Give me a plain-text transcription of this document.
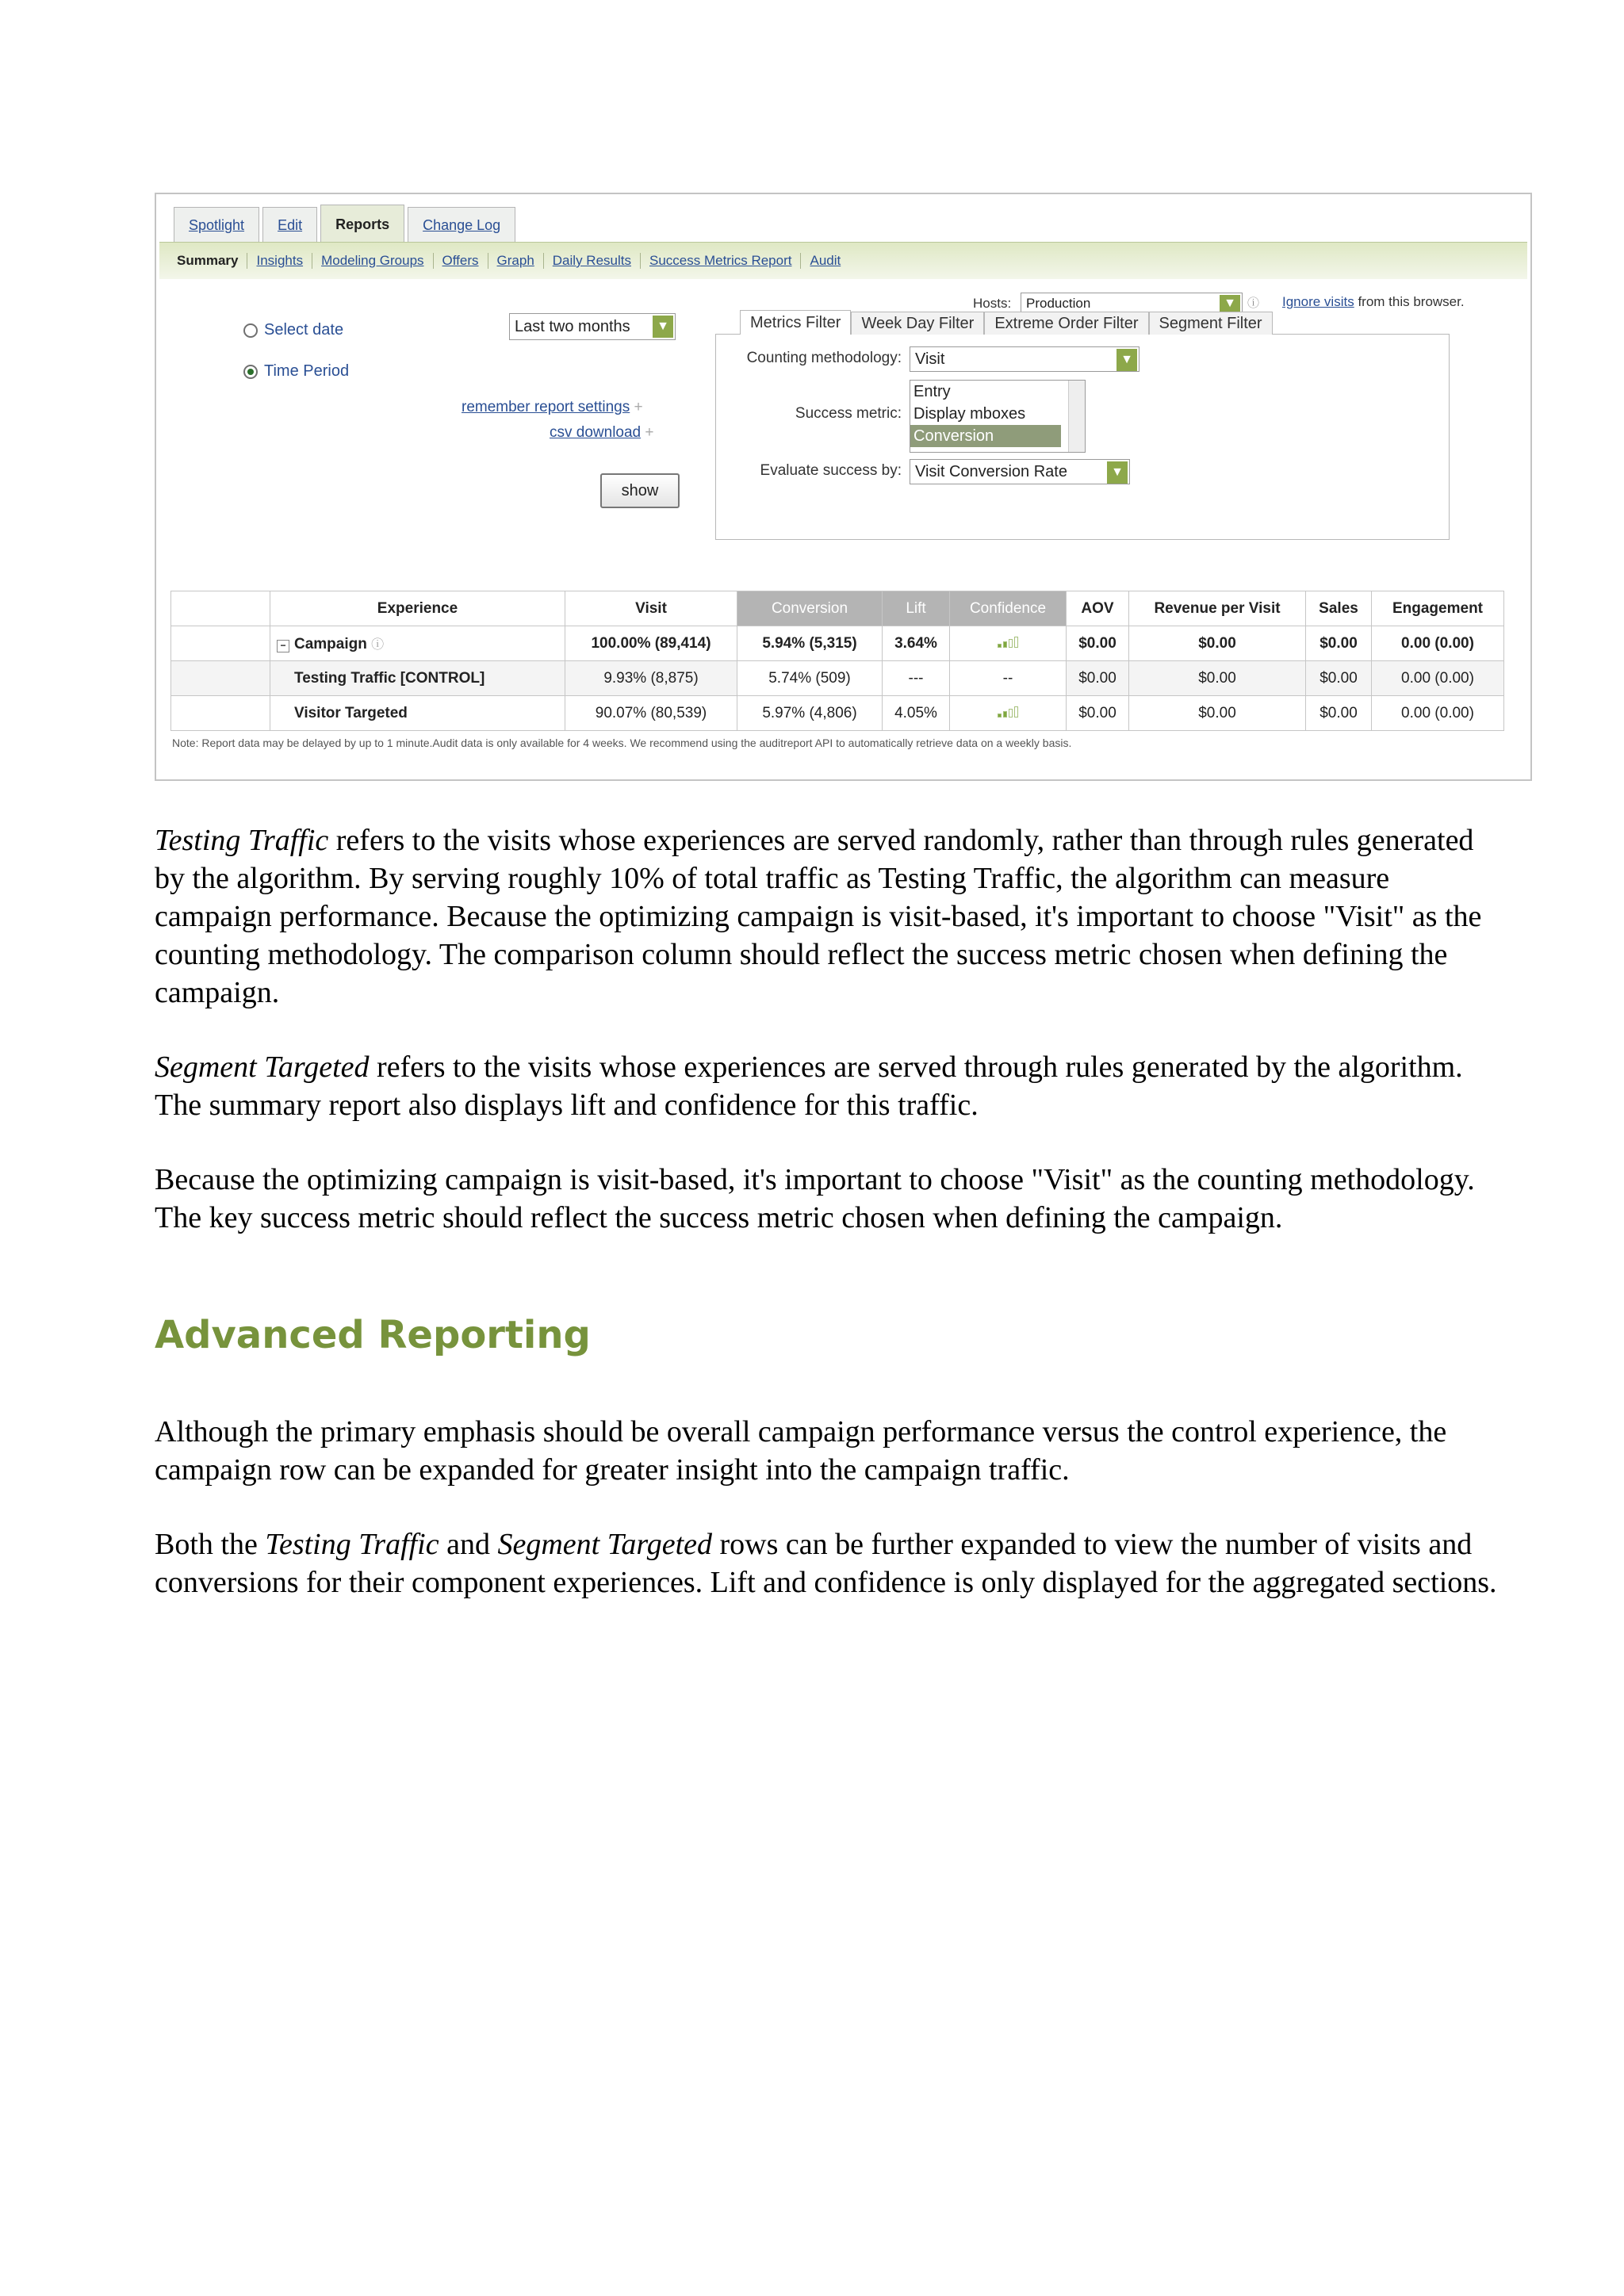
Spotlight Edit Reports Change Log
Summary	Insights	Modeling Groups	Offers	Graph	Daily Results	Success Metrics Report	Audit
Select date
Time Period
Last two months	▼
remember report settings +
csv download +
show
Hosts: Production	▼ ⓘ Ignore visits from this browser.
Metrics Filter	Week Day Filter	Extreme Order Filter	Segment Filter
Counting methodology: Visit	▼
Success metric:
Entry
Display mboxes
Conversion
Evaluate success by: Visit Conversion Rate	▼
	Experience	Visit	Conversion	Lift	Confidence	AOV	Revenue per Visit	Sales	Engagement
	− Campaign ⓘ	100.00% (89,414)	5.94% (5,315)	3.64%		$0.00	$0.00	$0.00	0.00 (0.00)
	Testing Traffic [CONTROL]	9.93% (8,875)	5.74% (509)	---	--	$0.00	$0.00	$0.00	0.00 (0.00)
	Visitor Targeted	90.07% (80,539)	5.97% (4,806)	4.05%		$0.00	$0.00	$0.00	0.00 (0.00)
Note: Report data may be delayed by up to 1 minute.Audit data is only available for 4 weeks. We recommend using the auditreport API to automatically retrieve data on a weekly basis.

Testing Traffic refers to the visits whose experiences are served randomly, rather than through rules generated by the algorithm. By serving roughly 10% of total traffic as Testing Traffic, the algorithm can measure campaign performance. Because the optimizing campaign is visit-based, it's important to choose "Visit" as the counting methodology. The comparison column should reflect the success metric chosen when defining the campaign.

Segment Targeted refers to the visits whose experiences are served through rules generated by the algorithm. The summary report also displays lift and confidence for this traffic.

Because the optimizing campaign is visit-based, it's important to choose "Visit" as the counting methodology. The key success metric should reflect the success metric chosen when defining the campaign.

Advanced Reporting

Although the primary emphasis should be overall campaign performance versus the control experience, the campaign row can be expanded for greater insight into the campaign traffic.

Both the Testing Traffic and Segment Targeted rows can be further expanded to view the number of visits and conversions for their component experiences. Lift and confidence is only displayed for the aggregated sections.
